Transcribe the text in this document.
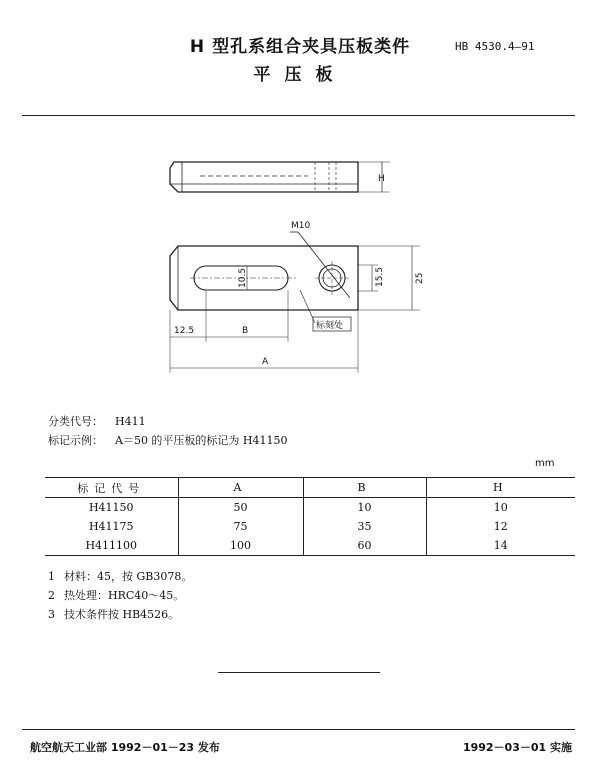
H 型孔系组合夹具压板类件
平压板
HB 4530.4—91
H
M10
10.5	15.5	25
标刻处
12.5	B
A
分类代号： H411
标记示例： A＝50 的平压板的标记为 H41150
mm
标记代号	A	B	H
H41150	50	10	10
H41175	75	35	12
H411100	100	60	14
1 材料：45，按 GB3078。
2 热处理：HRC40～45。
3 技术条件按 HB4526。
航空航天工业部 1992－01－23 发布	1992－03－01 实施
